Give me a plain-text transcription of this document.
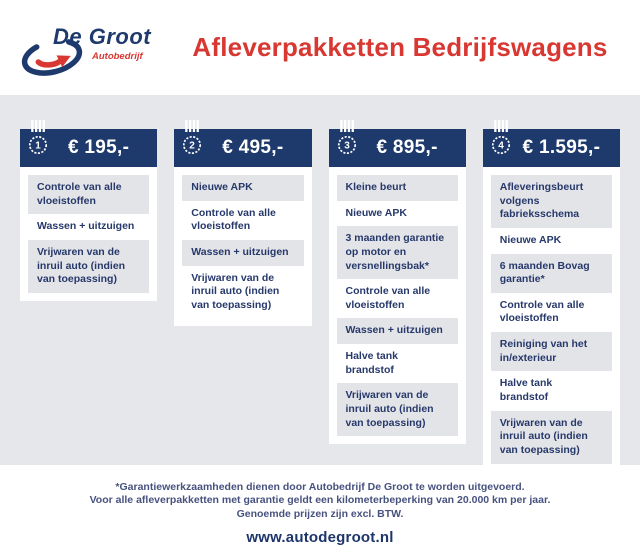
De Groot
Autobedrijf	Afleverpakketten Bedrijfswagens
1 € 195,-
Controle van alle vloeistoffen
Wassen + uitzuigen
Vrijwaren van de inruil auto (indien van toepassing)
2 € 495,-
Nieuwe APK
Controle van alle vloeistoffen
Wassen + uitzuigen
Vrijwaren van de inruil auto (indien van toepassing)
3 € 895,-
Kleine beurt
Nieuwe APK
3 maanden garantie op motor en versnellingsbak*
Controle van alle vloeistoffen
Wassen + uitzuigen
Halve tank brandstof
Vrijwaren van de inruil auto (indien van toepassing)
4 € 1.595,-
Afleveringsbeurt volgens fabrieksschema
Nieuwe APK
6 maanden Bovag garantie*
Controle van alle vloeistoffen
Reiniging van het in/exterieur
Halve tank brandstof
Vrijwaren van de inruil auto (indien van toepassing)

*Garantiewerkzaamheden dienen door Autobedrijf De Groot te worden uitgevoerd.

Voor alle afleverpakketten met garantie geldt een kilometerbeperking van 20.000 km per jaar.

Genoemde prijzen zijn excl. BTW.

www.autodegroot.nl
